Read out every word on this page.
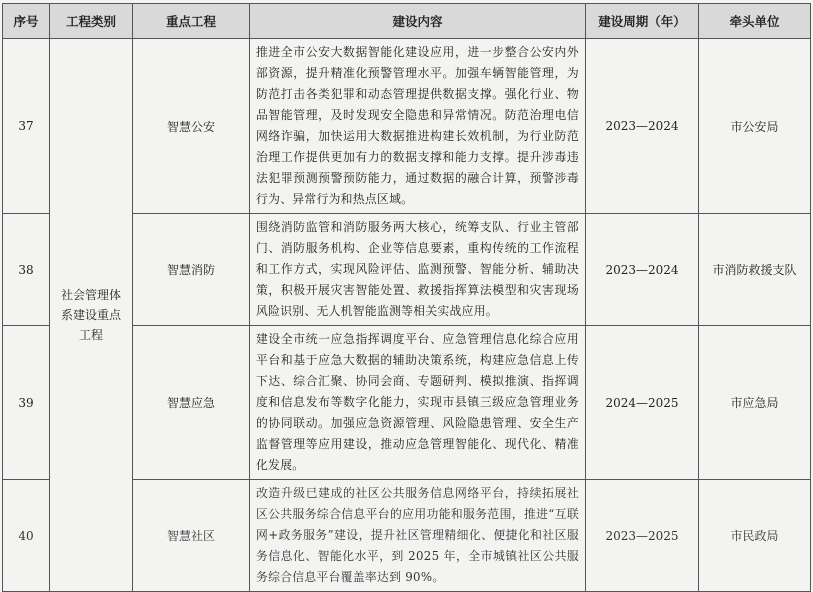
序号	工程类别	重点工程	建设内容	建设周期（年）	牵头单位
37	社会管理体系建设重点工程	智慧公安	推进全市公安大数据智能化建设应用，进一步整合公安内外部资源，提升精准化预警管理水平。加强车辆智能管理，为防范打击各类犯罪和动态管理提供数据支撑。强化行业、物品智能管理，及时发现安全隐患和异常情况。防范治理电信网络诈骗，加快运用大数据推进构建长效机制，为行业防范治理工作提供更加有力的数据支撑和能力支撑。提升涉毒违法犯罪预测预警预防能力，通过数据的融合计算，预警涉毒行为、异常行为和热点区域。	2023—2024	市公安局
38		智慧消防	围绕消防监管和消防服务两大核心，统筹支队、行业主管部门、消防服务机构、企业等信息要素，重构传统的工作流程和工作方式，实现风险评估、监测预警、智能分析、辅助决策，积极开展灾害智能处置、救援指挥算法模型和灾害现场风险识别、无人机智能监测等相关实战应用。	2023—2024	市消防救援支队
39		智慧应急	建设全市统一应急指挥调度平台、应急管理信息化综合应用平台和基于应急大数据的辅助决策系统，构建应急信息上传下达、综合汇聚、协同会商、专题研判、模拟推演、指挥调度和信息发布等数字化能力，实现市县镇三级应急管理业务的协同联动。加强应急资源管理、风险隐患管理、安全生产监督管理等应用建设，推动应急管理智能化、现代化、精准化发展。	2024—2025	市应急局
40		智慧社区	改造升级已建成的社区公共服务信息网络平台，持续拓展社区公共服务综合信息平台的应用功能和服务范围，推进“互联网+政务服务”建设，提升社区管理精细化、便捷化和社区服务信息化、智能化水平，到 2025 年，全市城镇社区公共服务综合信息平台覆盖率达到 90%。	2023—2025	市民政局
